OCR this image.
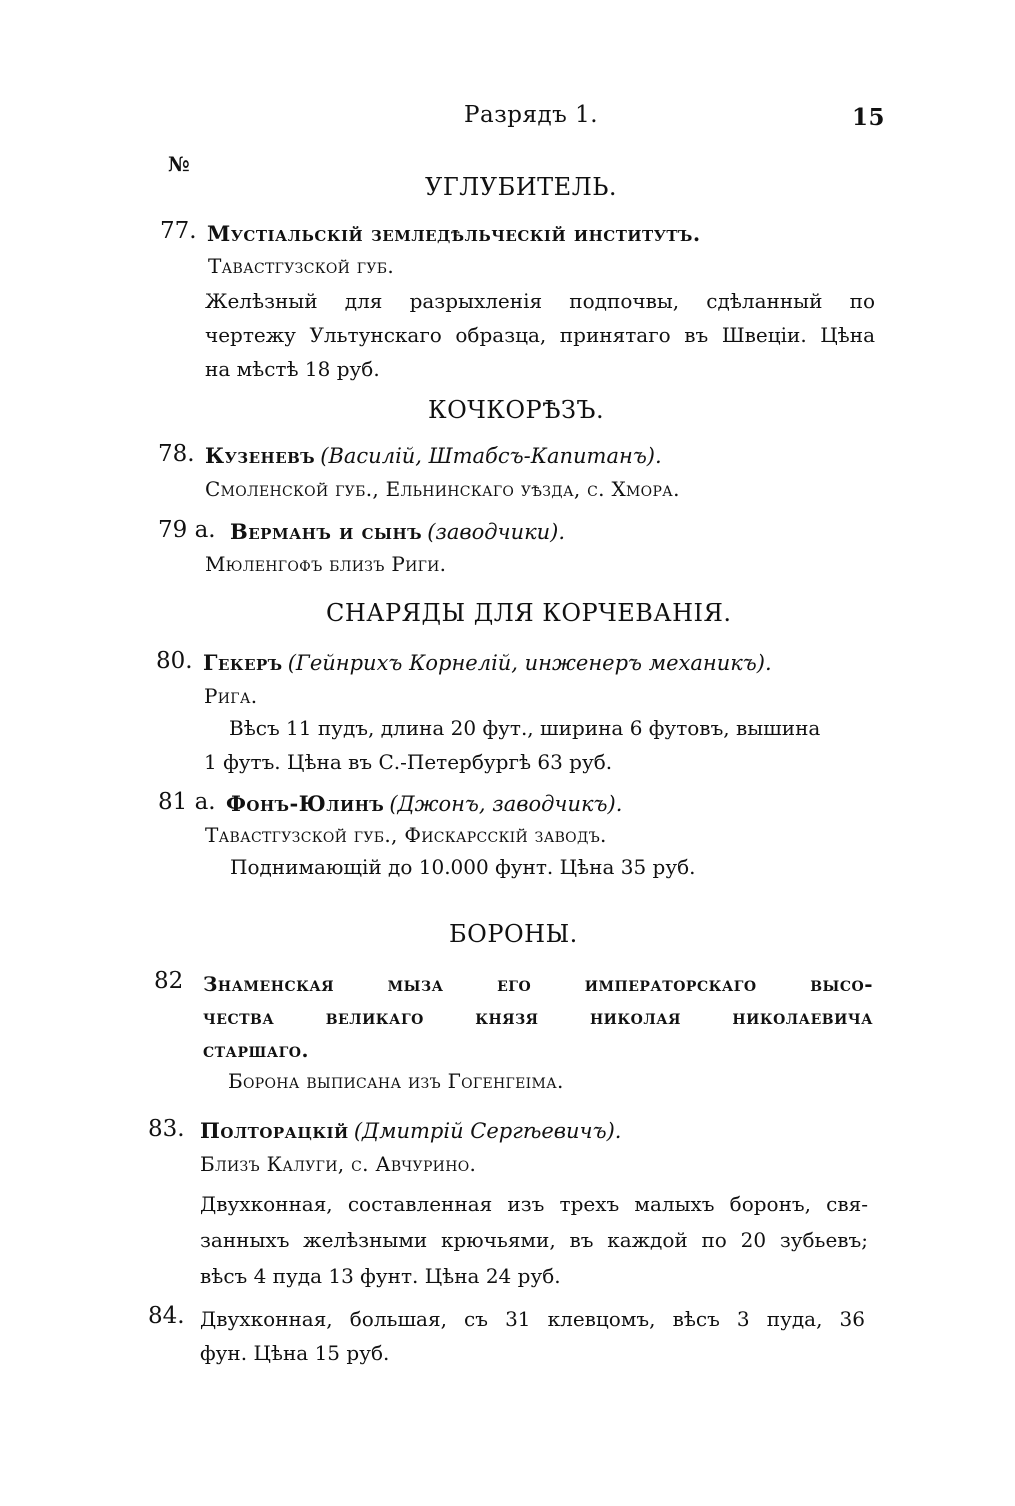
Разрядъ 1.	15
№
УГЛУБИТЕЛЬ.
77. Мустіальскій земледѣльческій институтъ.
Тавастгузской губ.
Желѣзный для разрыхленія подпочвы, сдѣланный по
чертежу Ультунскаго образца, принятаго въ Швеціи. Цѣна
на мѣстѣ 18 руб.
КОЧКОРѢЗЪ.
78. Кузеневъ (Василій, Штабсъ-Капитанъ).
Смоленской губ., Ельнинскаго уѣзда, с. Хмора.
79 а. Верманъ и сынъ (заводчики).
Мюленгофъ близъ Риги.
СНАРЯДЫ ДЛЯ КОРЧЕВАНІЯ.
80. Гекеръ (Гейнрихъ Корнелій, инженеръ механикъ).
Рига.
Вѣсъ 11 пудъ, длина 20 фут., ширина 6 футовъ, вышина
1 футъ. Цѣна въ С.-Петербургѣ 63 руб.
81 а. Фонъ-Юлинъ (Джонъ, заводчикъ).
Тавастгузской губ., Фискарсскій заводъ.
Поднимающій до 10.000 фунт. Цѣна 35 руб.
БОРОНЫ.
82 Знаменская мыза его императорскаго высо-
чества великаго князя николая николаевича
старшаго.
Борона выписана изъ Гогенгеіма.
83. Полторацкій (Дмитрій Сергѣевичъ).
Близъ Калуги, с. Авчурино.
Двухконная, составленная изъ трехъ малыхъ боронъ, свя-
занныхъ желѣзными крючьями, въ каждой по 20 зубьевъ;
вѣсъ 4 пуда 13 фунт. Цѣна 24 руб.
84. Двухконная, большая, съ 31 клевцомъ, вѣсъ 3 пуда, 36
фун. Цѣна 15 руб.
